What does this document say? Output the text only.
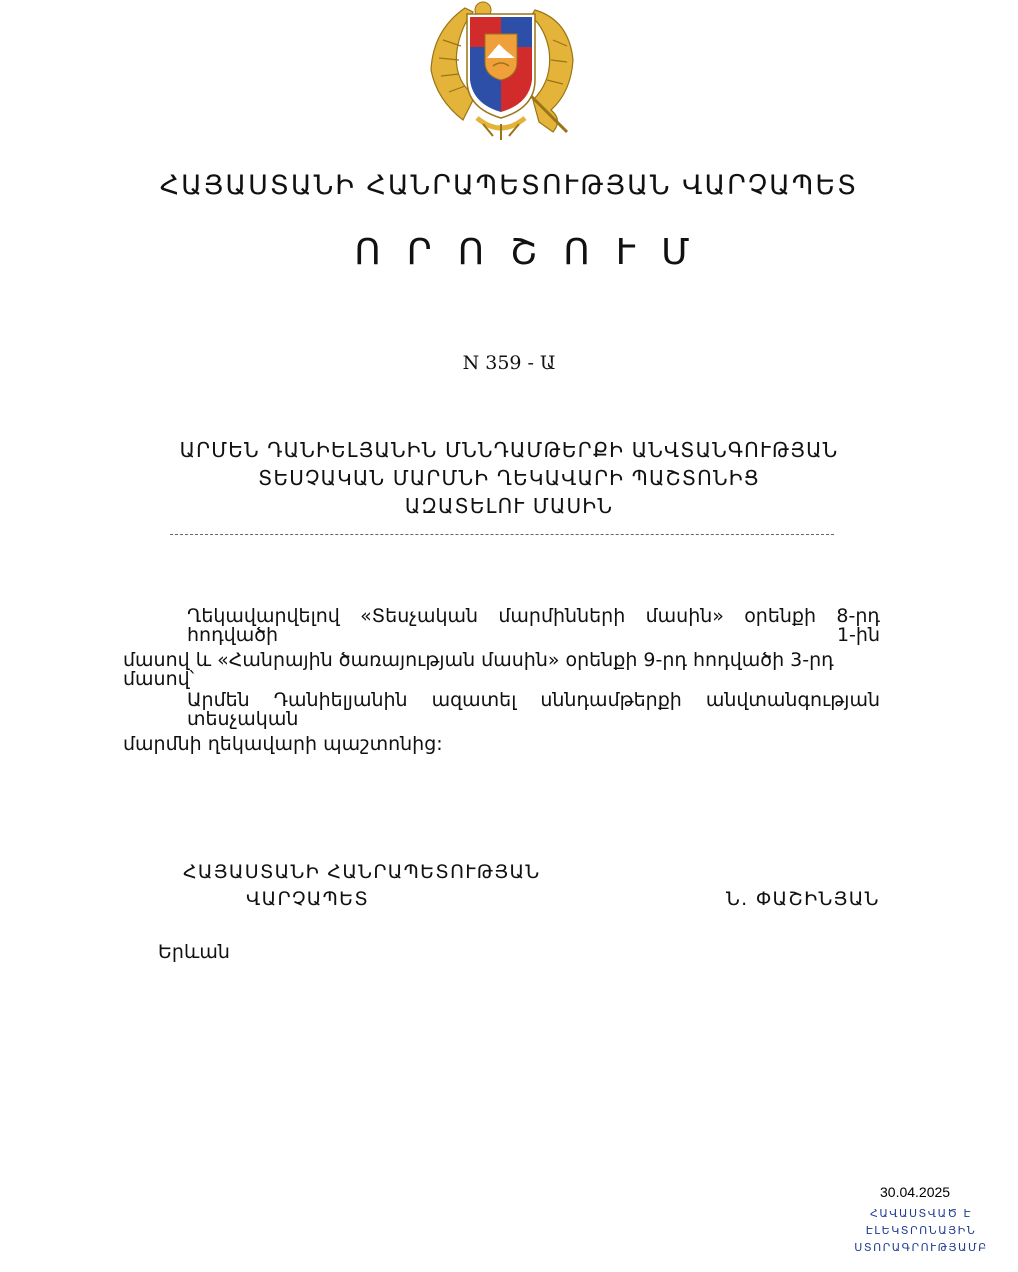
ՀԱՅԱՍՏԱՆԻ ՀԱՆՐԱՊԵՏՈՒԹՅԱՆ ՎԱՐՉԱՊԵՏ
ՈՐՈՇՈՒՄ
N 359 - Ա
ԱՐՄԵՆ ԴԱՆԻԵԼՅԱՆԻՆ ՄՆՆԴԱՄԹԵՐՔԻ ԱՆՎՏԱՆԳՈՒԹՅԱՆ
ՏԵՍՉԱԿԱՆ ՄԱՐՄՆԻ ՂԵԿԱՎԱՐԻ ՊԱՇՏՈՆԻՑ
ԱԶԱՏԵԼՈՒ ՄԱՍԻՆ
Ղեկավարվելով «Տեսչական մարմինների մասին» օրենքի 8-րդ հոդվածի 1-ին
մասով և «Հանրային ծառայության մասին» օրենքի 9-րդ հոդվածի 3-րդ մասով՝
Արմեն Դանիելյանին ազատել սննդամթերքի անվտանգության տեսչական
մարմնի ղեկավարի պաշտոնից:
ՀԱՅԱՍՏԱՆԻ ՀԱՆՐԱՊԵՏՈՒԹՅԱՆ
ՎԱՐՉԱՊԵՏ	Ն. ՓԱՇԻՆՅԱՆ
Երևան
30.04.2025
ՀԱՎԱՍՏՎԱԾ Է
ԷԼԵԿՏՐՈՆԱՅԻՆ
ՍՏՈՐԱԳՐՈՒԹՅԱՄԲ
